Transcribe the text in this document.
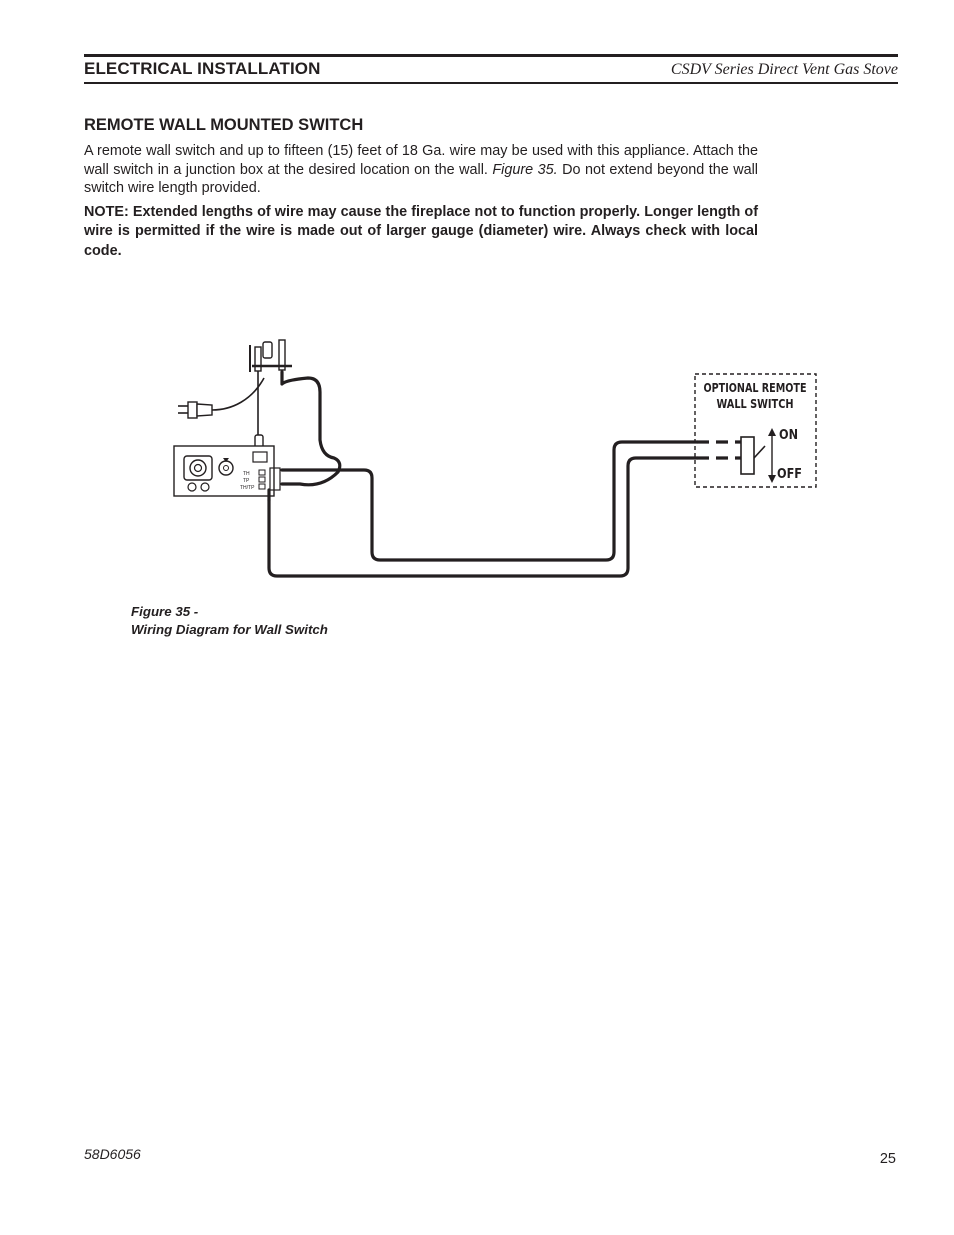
ELECTRICAL INSTALLATION	CSDV Series Direct Vent Gas Stove
REMOTE WALL MOUNTED SWITCH

A remote wall switch and up to fifteen (15) feet of 18 Ga. wire may be used with this appliance. Attach the wall switch in a junction box at the desired location on the wall. Figure 35. Do not extend beyond the wall switch wire length provided.

NOTE: Extended lengths of wire may cause the fireplace not to function properly. Longer length of wire is permitted if the wire is made out of larger gauge (diameter) wire. Always check with local code.

TH
TP
TH/TP
OPTIONAL REMOTE
WALL SWITCH
ON
OFF
Figure 35 -
Wiring Diagram for Wall Switch
58D6056	25
